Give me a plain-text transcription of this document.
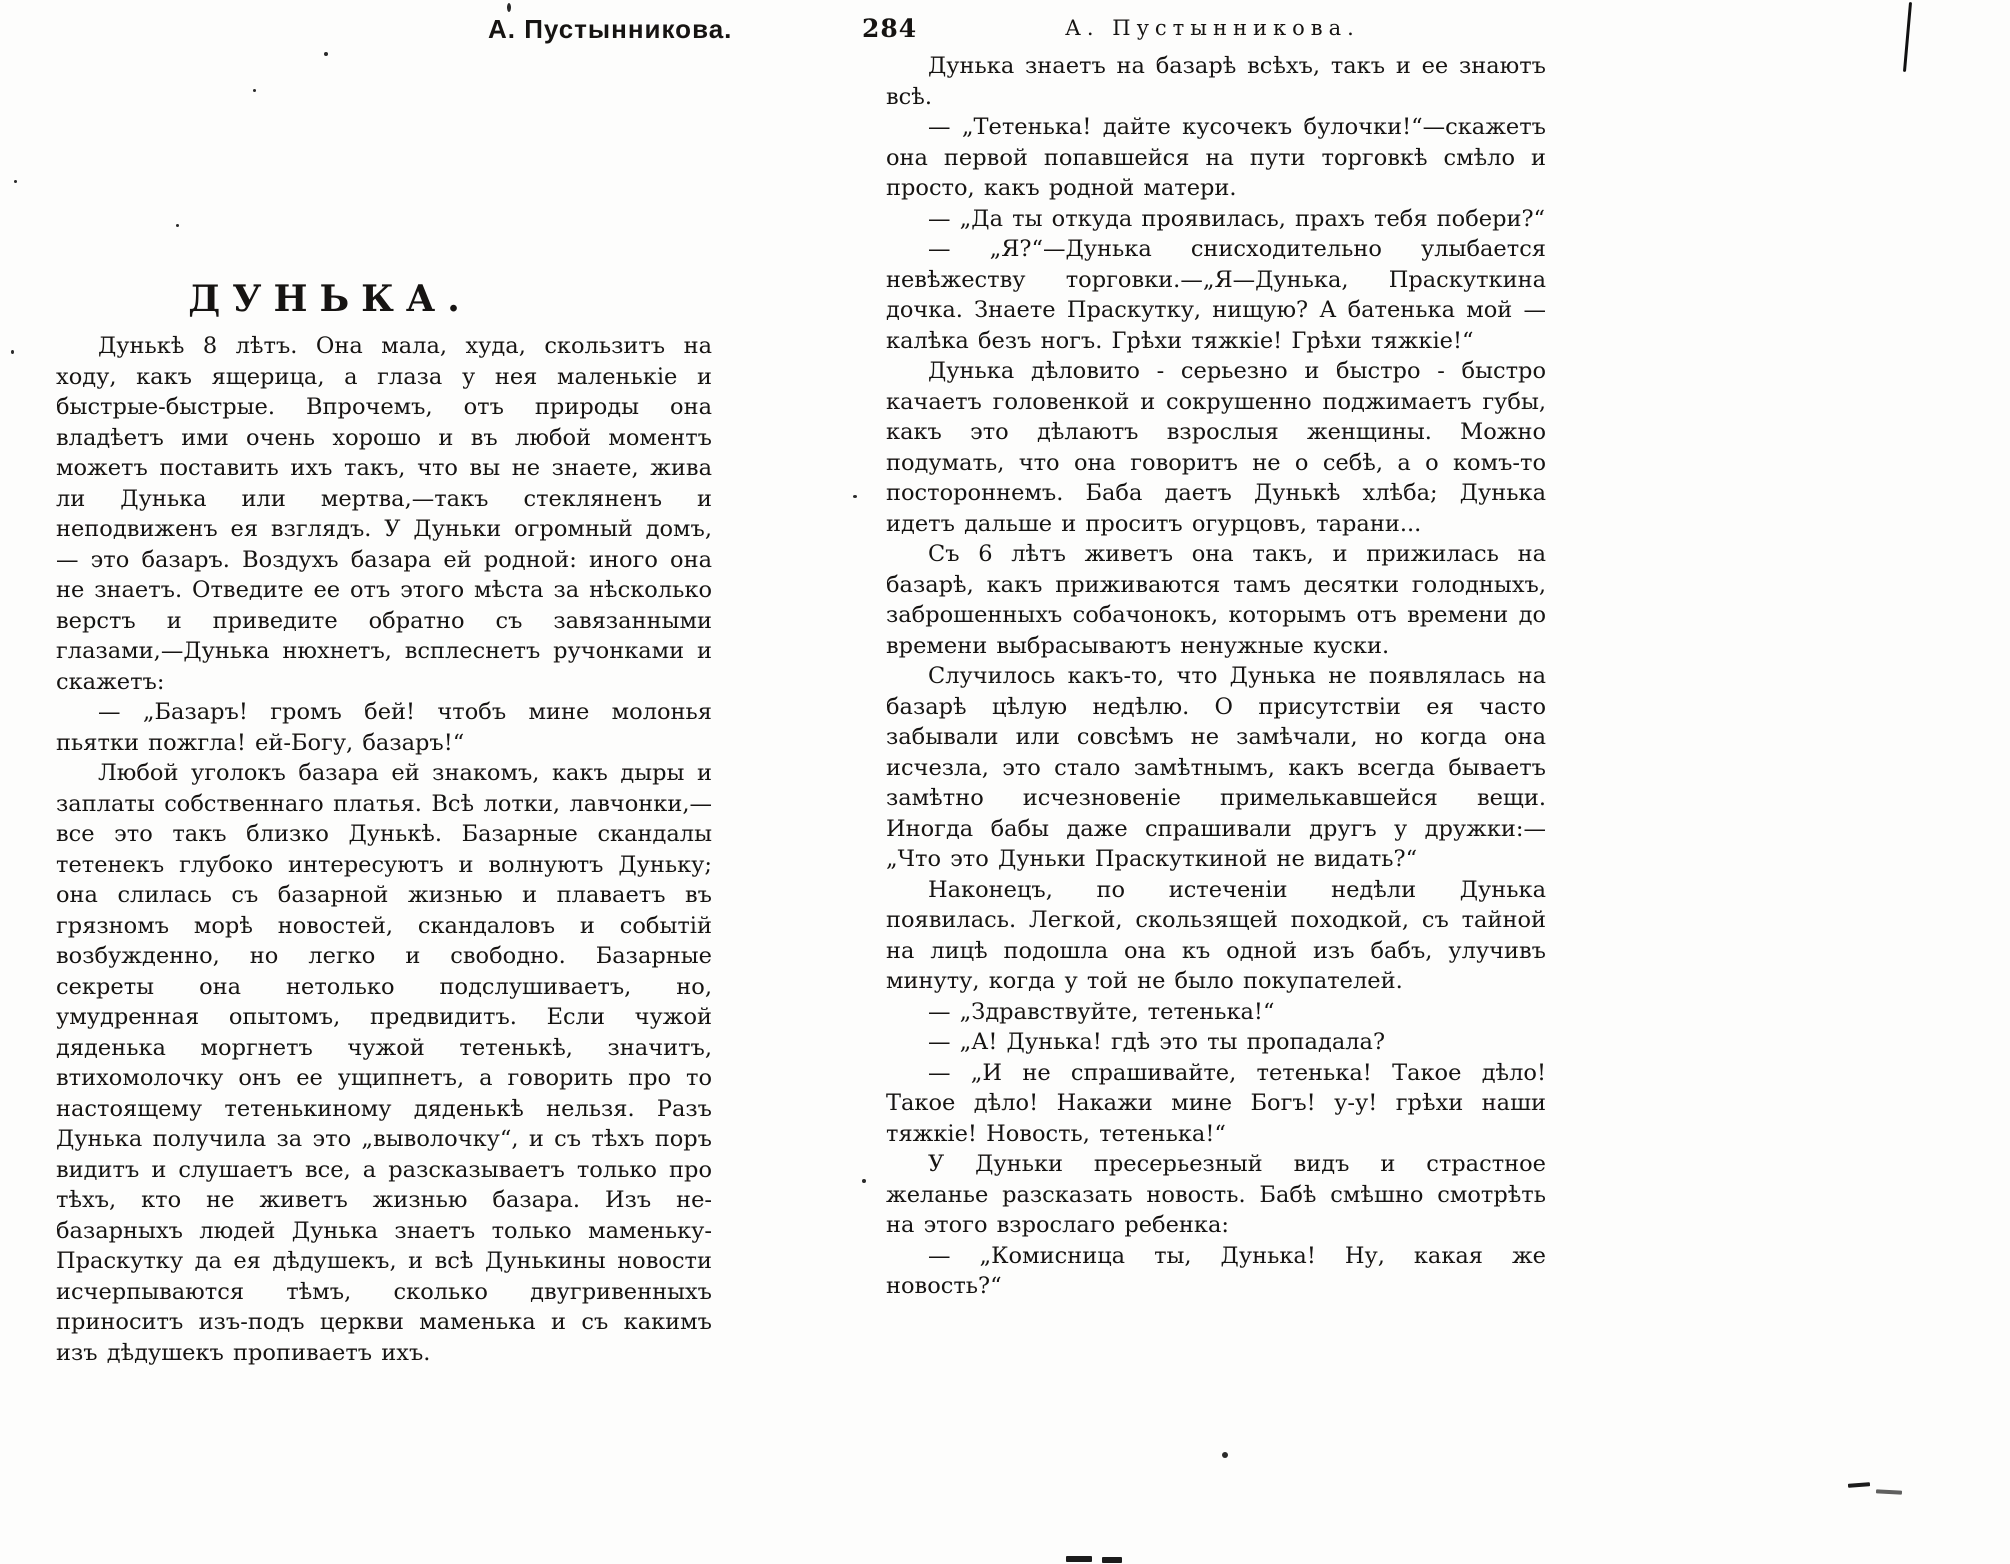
А. Пустынникова.
ДУНЬКА.

Дунькѣ 8 лѣтъ. Она мала, худа, скользитъ на ходу, какъ ящерица, а глаза у нея маленькіе и быстрые-быстрые. Впрочемъ, отъ природы она владѣетъ ими очень хорошо и въ любой моментъ можетъ поставить ихъ такъ, что вы не знаете, жива ли Дунька или мертва,—такъ стекляненъ и неподвиженъ ея взглядъ. У Дуньки огромный домъ, — это базаръ. Воздухъ базара ей родной: иного она не знаетъ. Отведите ее отъ этого мѣста за нѣсколько верстъ и приведите обратно съ завязанными глазами,—Дунька нюхнетъ, всплеснетъ ручонками и скажетъ:

— „Базаръ! громъ бей! чтобъ мине молонья пьятки пожгла! ей-Богу, базаръ!“

Любой уголокъ базара ей знакомъ, какъ дыры и заплаты собственнаго платья. Всѣ лотки, лавчонки,—все это такъ близко Дунькѣ. Базарные скандалы тетенекъ глубоко интересуютъ и волнуютъ Дуньку; она слилась съ базарной жизнью и плаваетъ въ грязномъ морѣ новостей, скандаловъ и событій возбужденно, но легко и свободно. Базарные секреты она нетолько подслушиваетъ, но, умудренная опытомъ, предвидитъ. Если чужой дяденька моргнетъ чужой тетенькѣ, значитъ, втихомолочку онъ ее ущипнетъ, а говорить про то настоящему тетенькиному дяденькѣ нельзя. Разъ Дунька получила за это „выволочку“, и съ тѣхъ поръ видитъ и слушаетъ все, а разсказываетъ только про тѣхъ, кто не живетъ жизнью базара. Изъ не-базарныхъ людей Дунька знаетъ только маменьку-Праскутку да ея дѣдушекъ, и всѣ Дунькины новости исчерпываются тѣмъ, сколько двугривенныхъ приноситъ изъ-подъ церкви маменька и съ какимъ изъ дѣдушекъ пропиваетъ ихъ.

284	А. Пустынникова.

Дунька знаетъ на базарѣ всѣхъ, такъ и ее знаютъ всѣ.

— „Тетенька! дайте кусочекъ булочки!“—скажетъ она первой попавшейся на пути торговкѣ смѣло и просто, какъ родной матери.

— „Да ты откуда проявилась, прахъ тебя побери?“

— „Я?“—Дунька снисходительно улыбается невѣжеству торговки.—„Я—Дунька, Праскуткина дочка. Знаете Праскутку, нищую? А батенька мой — калѣка безъ ногъ. Грѣхи тяжкіе! Грѣхи тяжкіе!“

Дунька дѣловито - серьезно и быстро - быстро качаетъ головенкой и сокрушенно поджимаетъ губы, какъ это дѣлаютъ взрослыя женщины. Можно подумать, что она говоритъ не о себѣ, а о комъ-то постороннемъ. Баба даетъ Дунькѣ хлѣба; Дунька идетъ дальше и проситъ огурцовъ, тарани...

Съ 6 лѣтъ живетъ она такъ, и прижилась на базарѣ, какъ приживаются тамъ десятки голодныхъ, заброшенныхъ собачонокъ, которымъ отъ времени до времени выбрасываютъ ненужные куски.

Случилось какъ-то, что Дунька не появлялась на базарѣ цѣлую недѣлю. О присутствіи ея часто забывали или совсѣмъ не замѣчали, но когда она исчезла, это стало замѣтнымъ, какъ всегда бываетъ замѣтно исчезновеніе примелькавшейся вещи. Иногда бабы даже спрашивали другъ у дружки:—„Что это Дуньки Праскуткиной не видать?“

Наконецъ, по истеченіи недѣли Дунька появилась. Легкой, скользящей походкой, съ тайной на лицѣ подошла она къ одной изъ бабъ, улучивъ минуту, когда у той не было покупателей.

— „Здравствуйте, тетенька!“

— „А! Дунька! гдѣ это ты пропадала?

— „И не спрашивайте, тетенька! Такое дѣло! Такое дѣло! Накажи мине Богъ! у-у! грѣхи наши тяжкіе! Новость, тетенька!“

У Дуньки пресерьезный видъ и страстное желанье разсказать новость. Бабѣ смѣшно смотрѣть на этого взрослаго ребенка:

— „Комисница ты, Дунька! Ну, какая же новость?“
